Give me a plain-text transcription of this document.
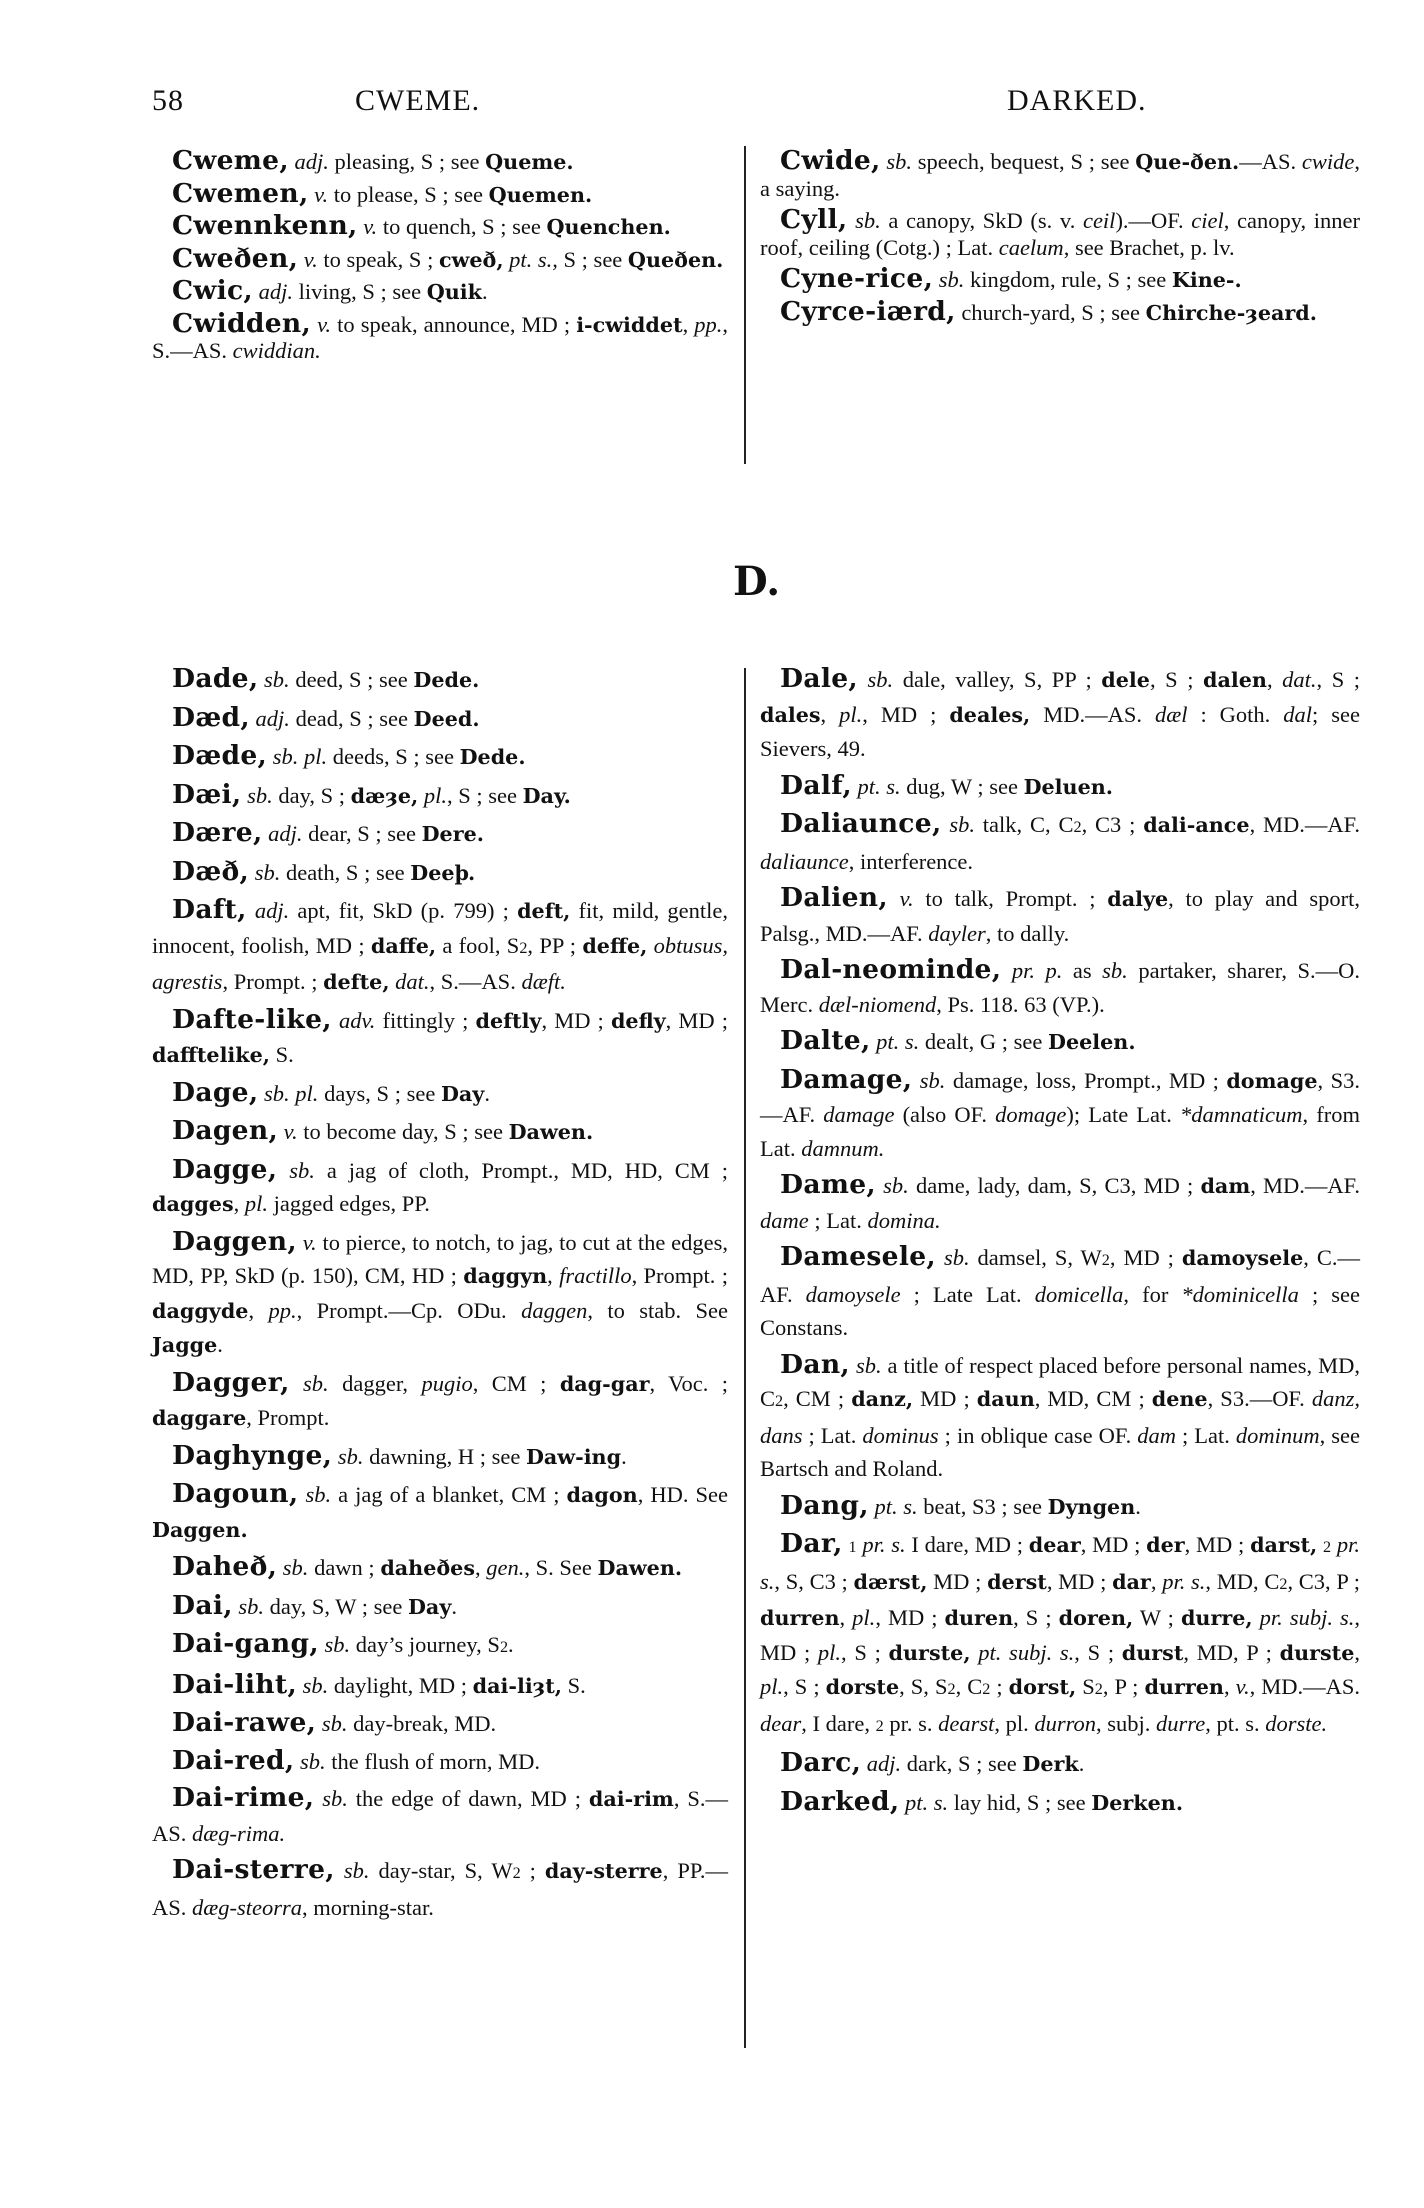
58	CWEME.	DARKED.

Cweme, adj. pleasing, S ; see Queme.

Cwemen, v. to please, S ; see Quemen.

Cwennkenn, v. to quench, S ; see Quenchen.

Cweðen, v. to speak, S ; cweð, pt. s., S ; see Queðen.

Cwic, adj. living, S ; see Quik.

Cwidden, v. to speak, announce, MD ; i-cwiddet, pp., S.—AS. cwiddian.

Cwide, sb. speech, bequest, S ; see Que-ðen.—AS. cwide, a saying.

Cyll, sb. a canopy, SkD (s. v. ceil).—OF. ciel, canopy, inner roof, ceiling (Cotg.) ; Lat. caelum, see Brachet, p. lv.

Cyne-rice, sb. kingdom, rule, S ; see Kine-.

Cyrce-iærd, church-yard, S ; see Chirche-ȝeard.

D.

Dade, sb. deed, S ; see Dede.

Dæd, adj. dead, S ; see Deed.

Dæde, sb. pl. deeds, S ; see Dede.

Dæi, sb. day, S ; dæȝe, pl., S ; see Day.

Dære, adj. dear, S ; see Dere.

Dæð, sb. death, S ; see Deeþ.

Daft, adj. apt, fit, SkD (p. 799) ; deft, fit, mild, gentle, innocent, foolish, MD ; daffe, a fool, S2, PP ; deffe, obtusus, agrestis, Prompt. ; defte, dat., S.—AS. dæft.

Dafte-like, adv. fittingly ; deftly, MD ; defly, MD ; dafftelike, S.

Dage, sb. pl. days, S ; see Day.

Dagen, v. to become day, S ; see Dawen.

Dagge, sb. a jag of cloth, Prompt., MD, HD, CM ; dagges, pl. jagged edges, PP.

Daggen, v. to pierce, to notch, to jag, to cut at the edges, MD, PP, SkD (p. 150), CM, HD ; daggyn, fractillo, Prompt. ; daggyde, pp., Prompt.—Cp. ODu. daggen, to stab. See Jagge.

Dagger, sb. dagger, pugio, CM ; dag-gar, Voc. ; daggare, Prompt.

Daghynge, sb. dawning, H ; see Daw-ing.

Dagoun, sb. a jag of a blanket, CM ; dagon, HD. See Daggen.

Daheð, sb. dawn ; daheðes, gen., S. See Dawen.

Dai, sb. day, S, W ; see Day.

Dai-gang, sb. day’s journey, S2.

Dai-liht, sb. daylight, MD ; dai-liȝt, S.

Dai-rawe, sb. day-break, MD.

Dai-red, sb. the flush of morn, MD.

Dai-rime, sb. the edge of dawn, MD ; dai-rim, S.—AS. dæg-rima.

Dai-sterre, sb. day-star, S, W2 ; day-sterre, PP.—AS. dæg-steorra, morning-star.

Dale, sb. dale, valley, S, PP ; dele, S ; dalen, dat., S ; dales, pl., MD ; deales, MD.—AS. dæl : Goth. dal; see Sievers, 49.

Dalf, pt. s. dug, W ; see Deluen.

Daliaunce, sb. talk, C, C2, C3 ; dali-ance, MD.—AF. daliaunce, interference.

Dalien, v. to talk, Prompt. ; dalye, to play and sport, Palsg., MD.—AF. dayler, to dally.

Dal-neominde, pr. p. as sb. partaker, sharer, S.—O. Merc. dæl-niomend, Ps. 118. 63 (VP.).

Dalte, pt. s. dealt, G ; see Deelen.

Damage, sb. damage, loss, Prompt., MD ; domage, S3.—AF. damage (also OF. domage); Late Lat. *damnaticum, from Lat. damnum.

Dame, sb. dame, lady, dam, S, C3, MD ; dam, MD.—AF. dame ; Lat. domina.

Damesele, sb. damsel, S, W2, MD ; damoysele, C.—AF. damoysele ; Late Lat. domicella, for *dominicella ; see Constans.

Dan, sb. a title of respect placed before personal names, MD, C2, CM ; danz, MD ; daun, MD, CM ; dene, S3.—OF. danz, dans ; Lat. dominus ; in oblique case OF. dam ; Lat. dominum, see Bartsch and Roland.

Dang, pt. s. beat, S3 ; see Dyngen.

Dar, 1 pr. s. I dare, MD ; dear, MD ; der, MD ; darst, 2 pr. s., S, C3 ; dærst, MD ; derst, MD ; dar, pr. s., MD, C2, C3, P ; durren, pl., MD ; duren, S ; doren, W ; durre, pr. subj. s., MD ; pl., S ; durste, pt. subj. s., S ; durst, MD, P ; durste, pl., S ; dorste, S, S2, C2 ; dorst, S2, P ; durren, v., MD.—AS. dear, I dare, 2 pr. s. dearst, pl. durron, subj. durre, pt. s. dorste.

Darc, adj. dark, S ; see Derk.

Darked, pt. s. lay hid, S ; see Derken.
